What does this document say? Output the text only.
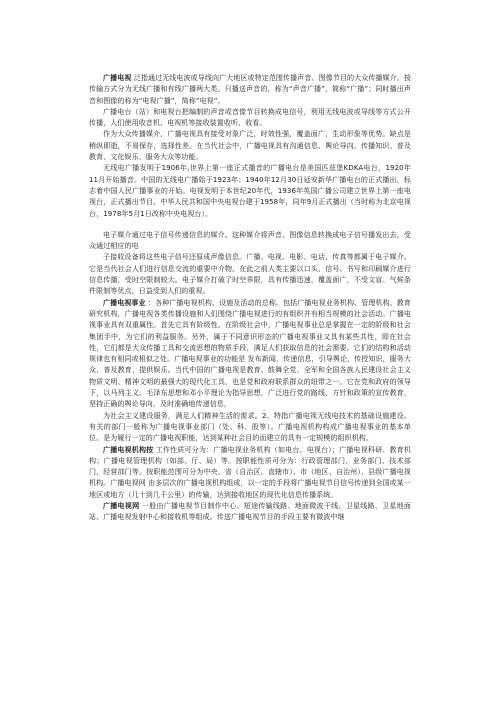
广播电视 泛指通过无线电波或导线向广大地区或特定范围传播声音、图像节目的大众传播媒介。按传输方式分为无线广播和有线广播两大类。只播送声音的，称为“声音广播”，简称“广播”；同时播出声音和图像的称为“电视广播”，简称“电视”。

广播电台（站）和电视台把编制的声音或音像节目转换成电信号，利用无线电波或导线等方式公开传播，人们使用收音机、电视机等接收装置收听、收看。

作为大众传播媒介，广播电视具有接受对象广泛，时效性强，覆盖面广，生动形象等优势。缺点是稍纵即逝，不易保存，选择性差。在当代社会中，广播电视具有沟通信息、舆论导向、传播知识、普及教育、文化娱乐、服务大众等功能。

无线电广播发明于1906年,世界上第一座正式播音的广播电台是美国匹兹堡KDKA电台，1920年11月开始播音。中国的无线电广播始于1923年；1940年12月30日延安新华广播电台的正式播出，标志着中国人民广播事业的开始。电视发明于本世纪20年代，1936年英国广播公司建立世界上第一座电视台，正式播出节目。中华人民共和国中央电视台建于1958年，同年9月正式播出（当时称为北京电视台，1978年5月1日改称中央电视台）。

电子媒介通过电子信号传递信息的媒介。这种媒介将声音、图像信息转换成电子信号播发出去，受众通过相应的电

子接收设备将这些电子信号还原成声像信息。广播、电视、电影、电话、传真等都属于电子媒介。它是当代社会人们进行信息交流的重要中介物。在此之前人类主要以口头、信号、书写和印刷媒介进行信息传播，受时空限制较大。电子媒介打破了时空界限，具有传播迅速，覆盖面广，不受文盲、气候条件限制等优点，日益受到人们的重视。

广播电视事业 ：各种广播电视机构、设施及活动的总称。包括广播电视业务机构、管理机构、教育研究机构，广播电视各类传播设施和人们围绕广播电视进行的有组织并有相当规模的社会活动。广播电视事业具有双重属性。首先它具有阶级性。在阶级社会中，广播电视事业总是掌握在一定的阶级和社会集团手中，为它们的利益服务。另外，属于不同意识形态的广播电视事业又具有某些共性，即在社会性，它们都是大众传播工具和交流思想的物质手段，满足人们获取信息的社会需要。它们的结构和活动规律也有相同或相似之处。广播电视事业的功能是 发布新闻，传递信息，引导舆论，传授知识，服务大众，普及教育，提供娱乐。当代中国的广播电视是教育、鼓舞全党、全军和全国各族人民建设社会主义物质文明、精神文明的最强大的现代化工具，也是党和政府联系群众的纽带之一。它在党和政府的领导下，以马列主义、毛泽东思想和邓小平理论为指导思想，广泛进行党的路线、方针和政策的宣传教育，坚持正确的舆论导向，及时准确地传递信息，

为社会主义建设服务，满足人们精神生活的需求。2、特指广播电视无线电技术的基础设施建设。有关的部门一般称为广播电视事业部门（处、科、股等）。广播电视机构构成广播电视事业的基本单位。是为履行一定的广播电视职能，达到某种社会目的而建立的具有一定规模的组织机构。

广播电视机构按 工作性质可分为：广播电视业务机构（如电台、电视台）；广播电视科研、教育机构；广播电视管理机构（如部、厅、局）等。按职能性质可分为：行政管理部门、业务部门、技术部门、经营部门等。按职能范围可分为中央、省（自治区、直辖市）、市（地区、自治州）、县级广播电视机构。广播电视网 由多层次的广播电视机构组成，以一定的手段将广播电视节目信号传递到全国或某一地区或地方（几十到几千公里）的传输，达到接收地区的现代化信息传播系统。

广播电视网 一般由广播电视节目制作中心、短途传输线路、地面微波干线、卫星线路、卫星地面站、广播电视发射中心和接收机等组成。传送广播电视节目的手段主要有微波中继
